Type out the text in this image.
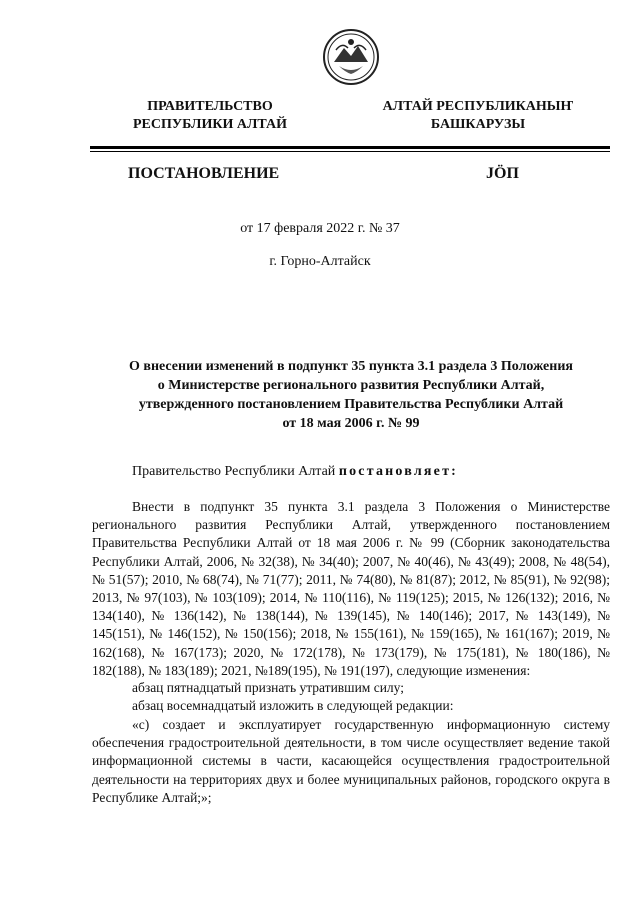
ПРАВИТЕЛЬСТВО
РЕСПУБЛИКИ АЛТАЙ
АЛТАЙ РЕСПУБЛИКАНЫҤ
БАШКАРУЗЫ
ПОСТАНОВЛЕНИЕ	JÖП
от 17 февраля 2022 г. № 37
г. Горно-Алтайск
О внесении изменений в подпункт 35 пункта 3.1 раздела 3 Положения
о Министерстве регионального развития Республики Алтай,
утвержденного постановлением Правительства Республики Алтай
от 18 мая 2006 г. № 99
Правительство Республики Алтай постановляет:
Внести в подпункт 35 пункта 3.1 раздела 3 Положения о Министерстве регионального развития Республики Алтай, утвержденного постановлением Правительства Республики Алтай от 18 мая 2006 г. № 99 (Сборник законодательства Республики Алтай, 2006, № 32(38), № 34(40); 2007, № 40(46), № 43(49); 2008, № 48(54), № 51(57); 2010, № 68(74), № 71(77); 2011, № 74(80), № 81(87); 2012, № 85(91), № 92(98); 2013, № 97(103), № 103(109); 2014, № 110(116), № 119(125); 2015, № 126(132); 2016, № 134(140), № 136(142), № 138(144), № 139(145), № 140(146); 2017, № 143(149), № 145(151), № 146(152), № 150(156); 2018, № 155(161), № 159(165), № 161(167); 2019, № 162(168), № 167(173); 2020, № 172(178), № 173(179), № 175(181), № 180(186), № 182(188), № 183(189); 2021, №189(195), № 191(197), следующие изменения:
абзац пятнадцатый признать утратившим силу;
абзац восемнадцатый изложить в следующей редакции:
«с) создает и эксплуатирует государственную информационную систему обеспечения градостроительной деятельности, в том числе осуществляет ведение такой информационной системы в части, касающейся осуществления градостроительной деятельности на территориях двух и более муниципальных районов, городского округа в Республике Алтай;»;
